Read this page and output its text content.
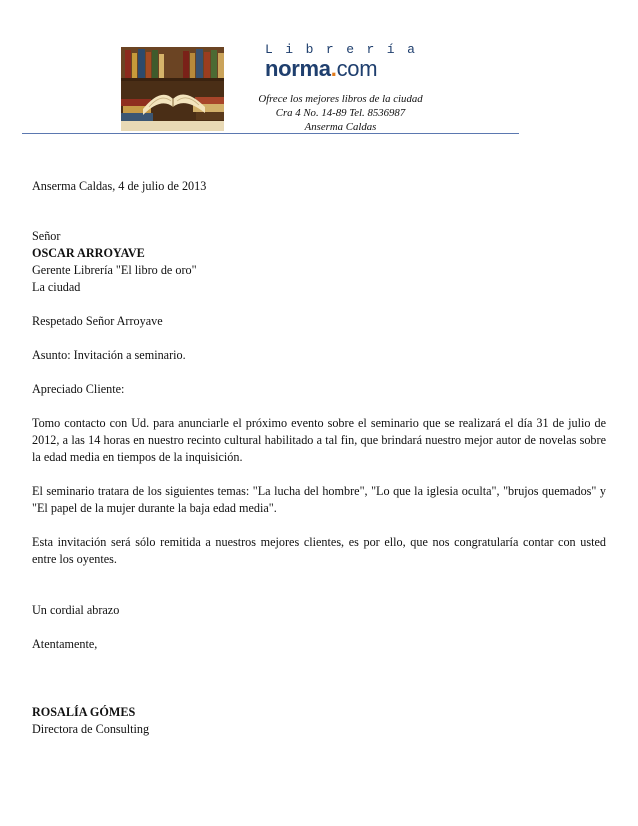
Librería
norma.com
Ofrece los mejores libros de la ciudad
Cra 4 No. 14-89 Tel. 8536987
Anserma Caldas

Anserma Caldas, 4 de julio de 2013

Señor

OSCAR ARROYAVE

Gerente Librería "El libro de oro"

La ciudad

Respetado Señor Arroyave

Asunto: Invitación a seminario.

Apreciado Cliente:

Tomo contacto con Ud. para anunciarle el próximo evento sobre el seminario que se realizará el día 31 de julio de 2012, a las 14 horas en nuestro recinto cultural habilitado a tal fin, que brindará nuestro mejor autor de novelas sobre la edad media en tiempos de la inquisición.

El seminario tratara de los siguientes temas: "La lucha del hombre", "Lo que la iglesia oculta", "brujos quemados" y "El papel de la mujer durante la baja edad media".

Esta invitación será sólo remitida a nuestros mejores clientes, es por ello, que nos congratularía contar con usted entre los oyentes.

Un cordial abrazo

Atentamente,

ROSALÍA GÓMES

Directora de Consulting
